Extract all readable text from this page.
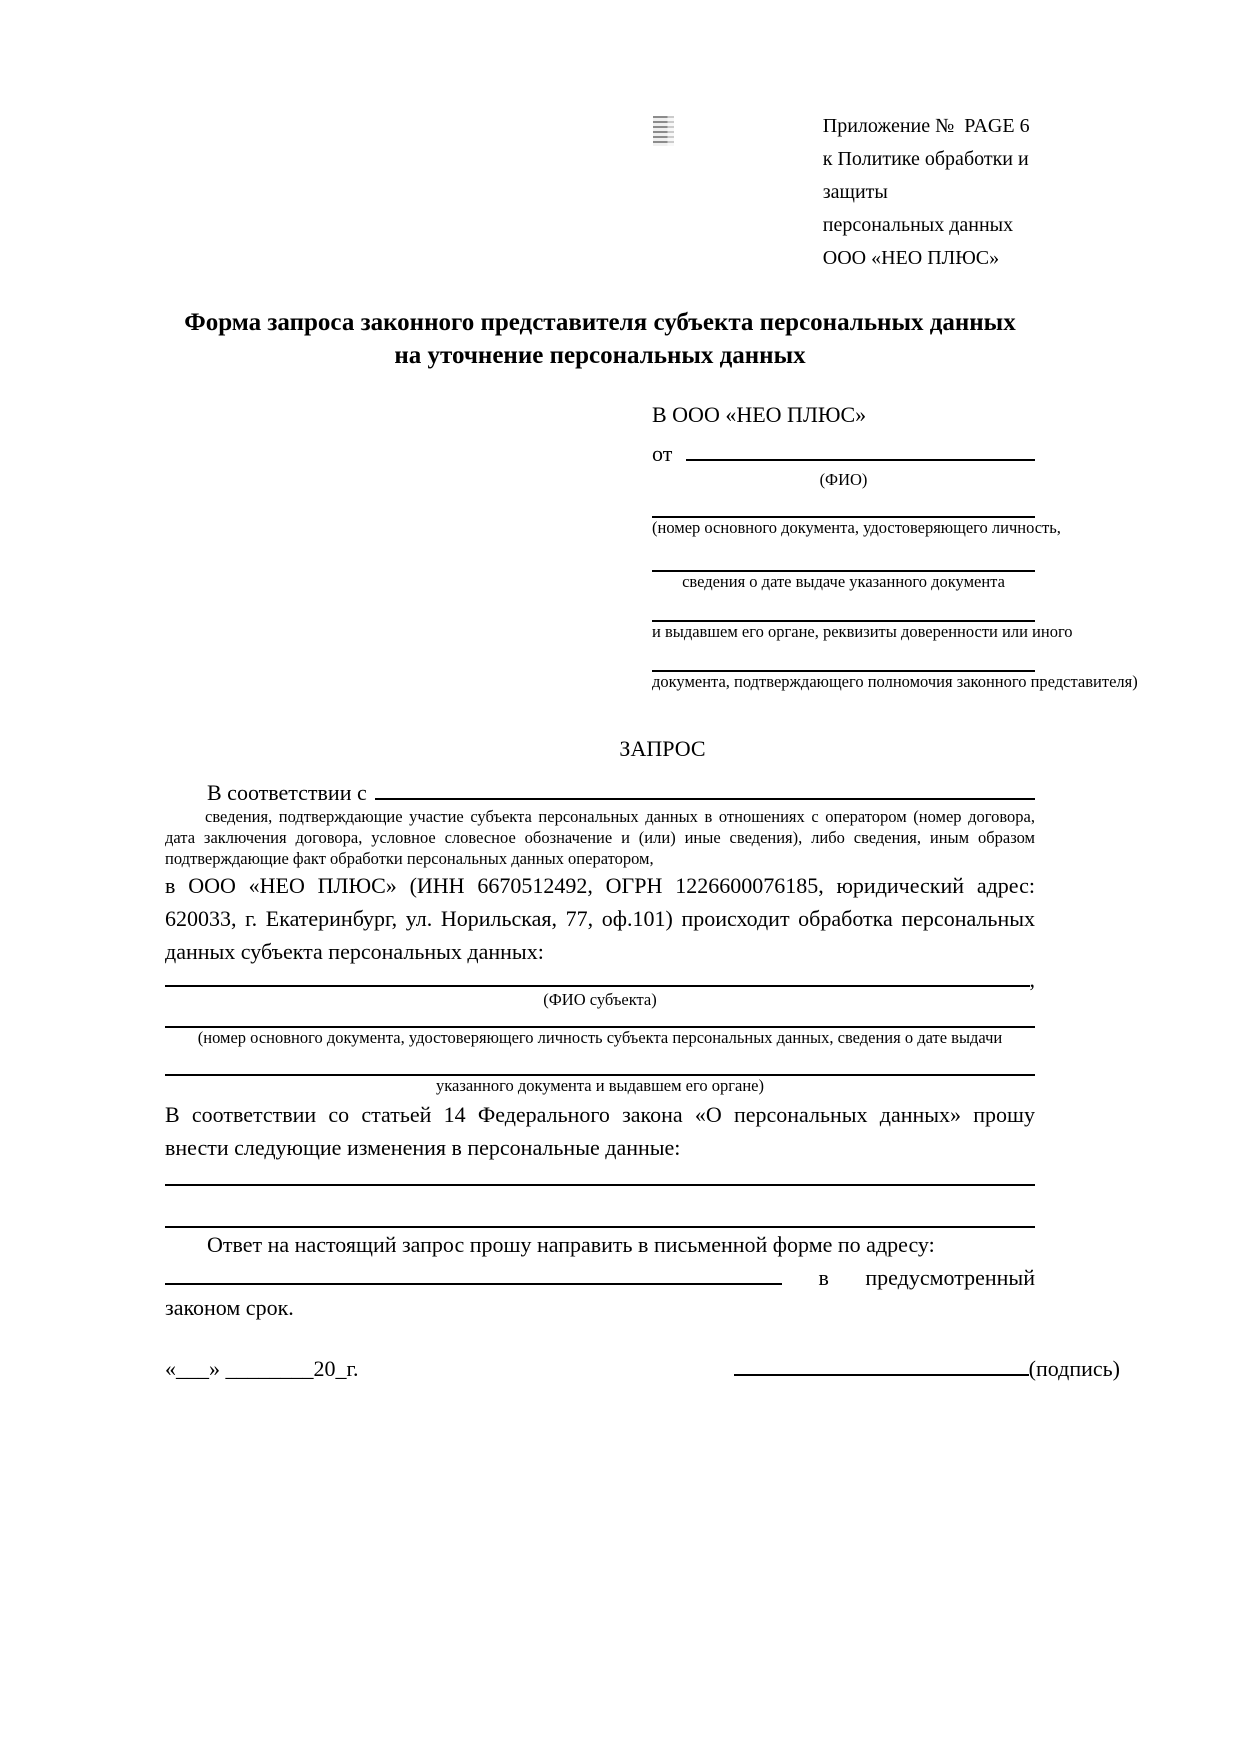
Приложение №  PAGE 6
к Политике обработки и защиты
персональных данных
ООО «НЕО ПЛЮС»
Форма запроса законного представителя субъекта персональных данных
на уточнение персональных данных
В ООО «НЕО ПЛЮС»
от
(ФИО)
(номер основного документа, удостоверяющего личность,
сведения о дате выдаче указанного документа
и выдавшем его органе, реквизиты доверенности или иного
документа, подтверждающего полномочия законного представителя)
ЗАПРОС
В соответствии с

сведения, подтверждающие участие субъекта персональных данных в отношениях с оператором (номер договора, дата заключения договора, условное словесное обозначение и (или) иные сведения), либо сведения, иным образом подтверждающие факт обработки персональных данных оператором,

в ООО «НЕО ПЛЮС» (ИНН 6670512492, ОГРН 1226600076185, юридический адрес: 620033, г. Екатеринбург, ул. Норильская, 77, оф.101) происходит обработка персональных данных субъекта персональных данных:

,
(ФИО субъекта)
(номер основного документа, удостоверяющего личность субъекта персональных данных, сведения о дате выдачи
указанного документа и выдавшем его органе)

В соответствии со статьей 14 Федерального закона «О персональных данных» прошу внести следующие изменения в персональные данные:

Ответ на настоящий запрос прошу направить в письменной форме по адресу:

в предусмотренный
законом срок.
«___» ________20_г.	(подпись)
